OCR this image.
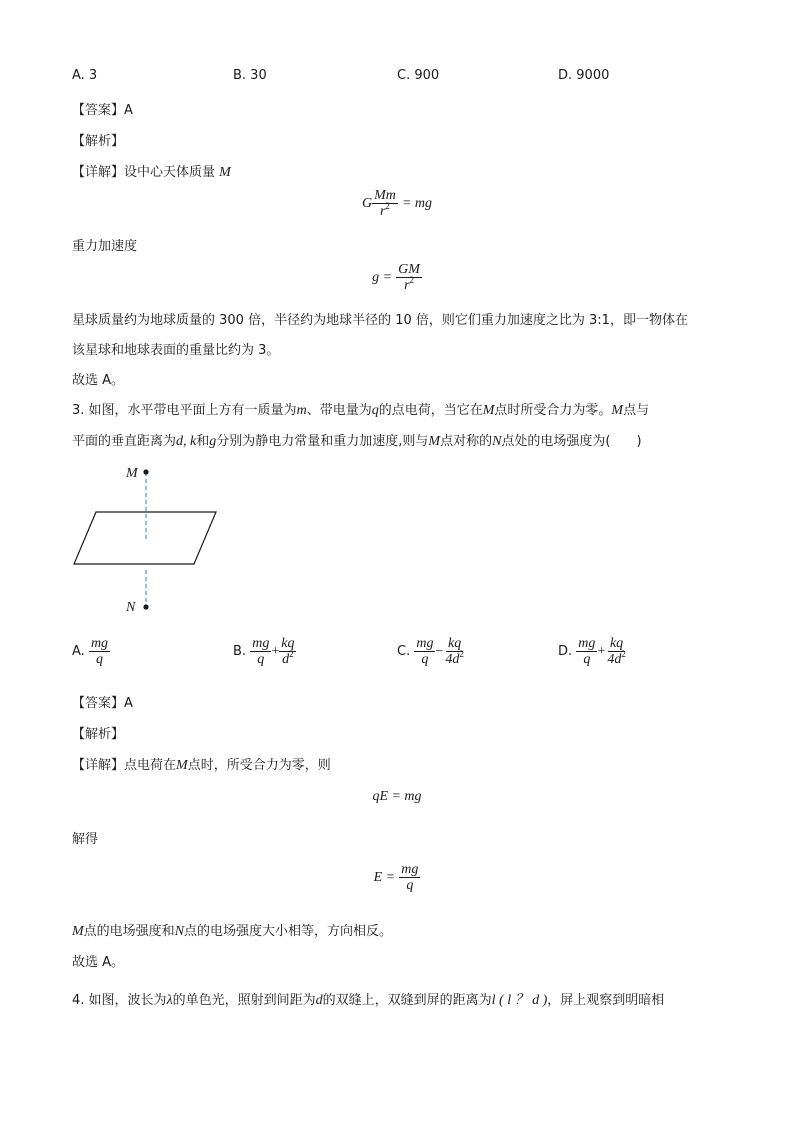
A. 3	B. 30	C. 900	D. 9000
【答案】A
【解析】
【详解】设中心天体质量 M
G $\frac{Mm}{r^2}$ = mg
重力加速度
$g = \frac{GM}{r^2}$
星球质量约为地球质量的 300 倍，半径约为地球半径的 10 倍，则它们重力加速度之比为 3:1，即一物体在
该星球和地球表面的重量比约为 3。
故选 A。
3. 如图，水平带电平面上方有一质量为m、带电量为q的点电荷，当它在M点时所受合力为零。M点与
平面的垂直距离为d, k和g分别为静电力常量和重力加速度,则与M点对称的N点处的电场强度为(　　)
M
N
A. $\frac{mg}{q}$	B. $\frac{mg}{q} + \frac{kq}{d^2}$	C. $\frac{mg}{q} - \frac{kq}{4d^2}$	D. $\frac{mg}{q} + \frac{kq}{4d^2}$
【答案】A
【解析】
【详解】点电荷在M点时，所受合力为零，则
qE = mg
解得
$E = \frac{mg}{q}$
M点的电场强度和N点的电场强度大小相等，方向相反。
故选 A。
4. 如图，波长为λ的单色光，照射到间距为d的双缝上，双缝到屏的距离为l ( l ？ d )，屏上观察到明暗相
